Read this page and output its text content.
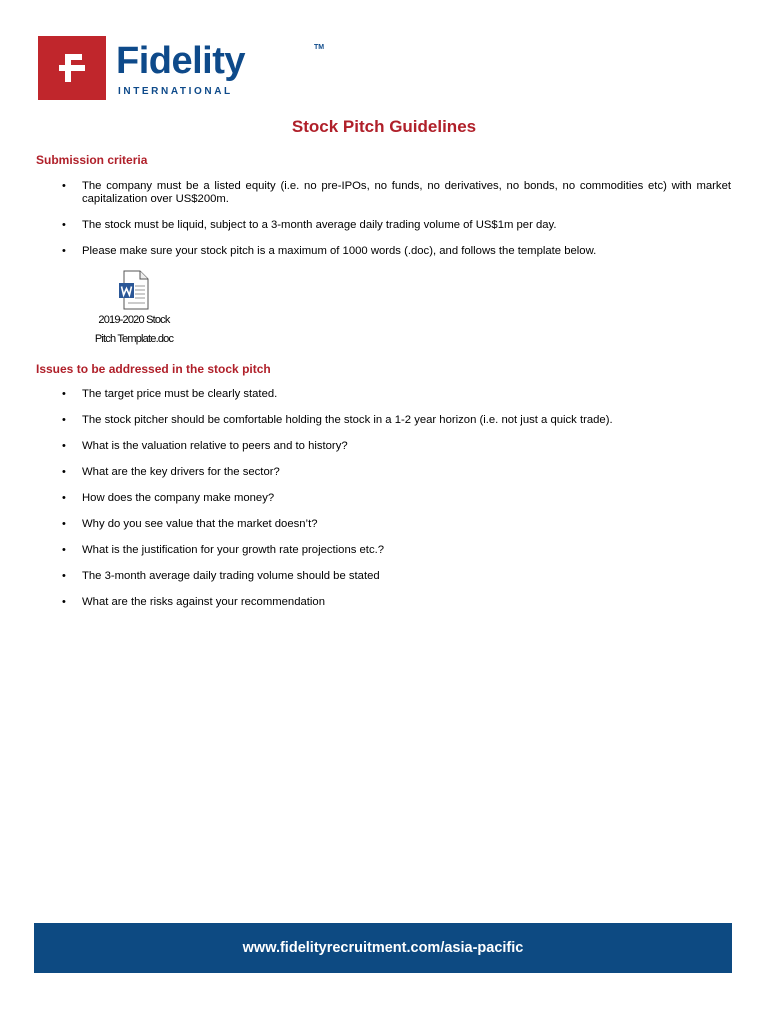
Fidelity	TM
INTERNATIONAL
Stock Pitch Guidelines
Submission criteria
• The company must be a listed equity (i.e. no pre-IPOs, no funds, no derivatives, no bonds, no commodities etc) with market capitalization over US$200m.
• The stock must be liquid, subject to a 3-month average daily trading volume of US$1m per day.
• Please make sure your stock pitch is a maximum of 1000 words (.doc), and follows the template below.
2019-2020 Stock
Pitch Template.doc
Issues to be addressed in the stock pitch
• The target price must be clearly stated.
• The stock pitcher should be comfortable holding the stock in a 1-2 year horizon (i.e. not just a quick trade).
• What is the valuation relative to peers and to history?
• What are the key drivers for the sector?
• How does the company make money?
• Why do you see value that the market doesn’t?
• What is the justification for your growth rate projections etc.?
• The 3-month average daily trading volume should be stated
• What are the risks against your recommendation
www.fidelityrecruitment.com/asia-pacific
